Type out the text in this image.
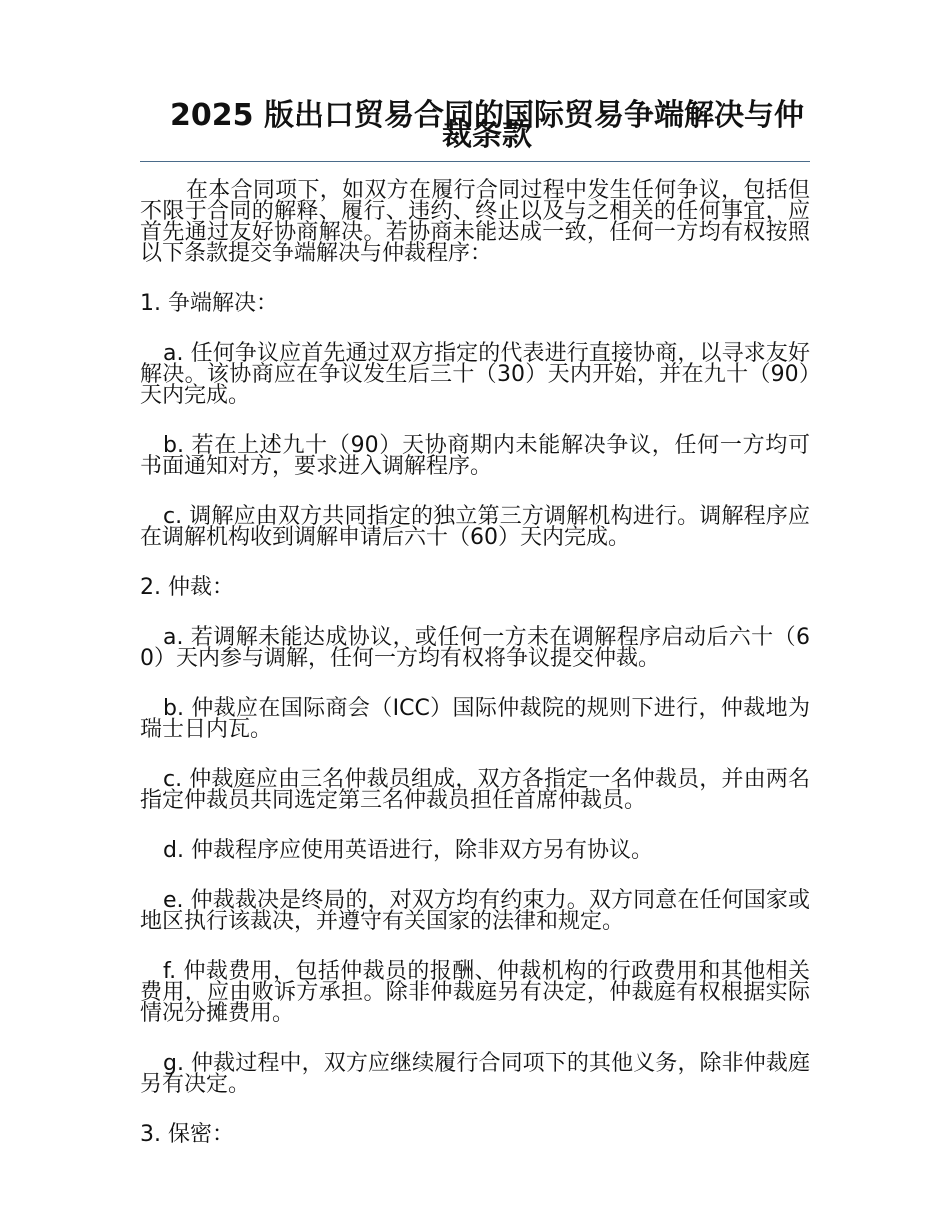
2025 版出口贸易合同的国际贸易争端解决与仲裁条款

在本合同项下，如双方在履行合同过程中发生任何争议，包括但不限于合同的解释、履行、违约、终止以及与之相关的任何事宜，应首先通过友好协商解决。若协商未能达成一致，任何一方均有权按照以下条款提交争端解决与仲裁程序：

1. 争端解决：

a. 任何争议应首先通过双方指定的代表进行直接协商，以寻求友好解决。该协商应在争议发生后三十（30）天内开始，并在九十（90）天内完成。

b. 若在上述九十（90）天协商期内未能解决争议，任何一方均可书面通知对方，要求进入调解程序。

c. 调解应由双方共同指定的独立第三方调解机构进行。调解程序应在调解机构收到调解申请后六十（60）天内完成。

2. 仲裁：

a. 若调解未能达成协议，或任何一方未在调解程序启动后六十（60）天内参与调解，任何一方均有权将争议提交仲裁。

b. 仲裁应在国际商会（ICC）国际仲裁院的规则下进行，仲裁地为瑞士日内瓦。

c. 仲裁庭应由三名仲裁员组成，双方各指定一名仲裁员，并由两名指定仲裁员共同选定第三名仲裁员担任首席仲裁员。

d. 仲裁程序应使用英语进行，除非双方另有协议。

e. 仲裁裁决是终局的，对双方均有约束力。双方同意在任何国家或地区执行该裁决，并遵守有关国家的法律和规定。

f. 仲裁费用，包括仲裁员的报酬、仲裁机构的行政费用和其他相关费用，应由败诉方承担。除非仲裁庭另有决定，仲裁庭有权根据实际情况分摊费用。

g. 仲裁过程中，双方应继续履行合同项下的其他义务，除非仲裁庭另有决定。

3. 保密：
